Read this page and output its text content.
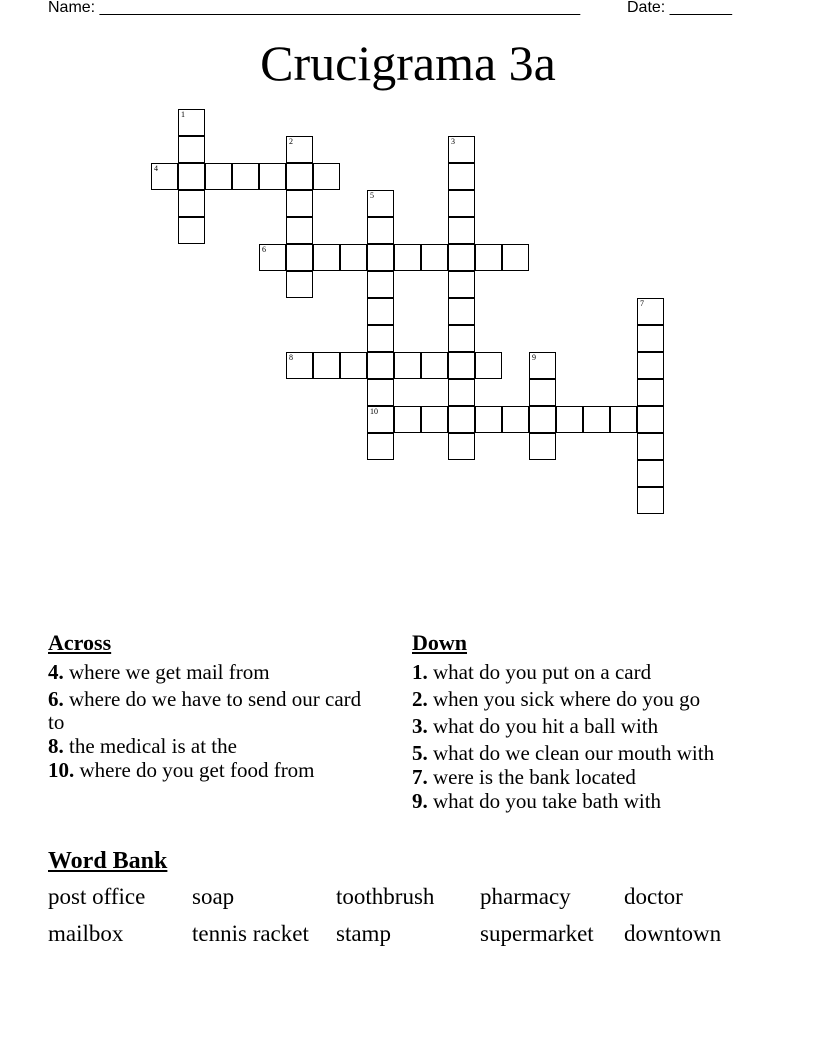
Name: ______________________________________________________	Date: _______
Crucigrama 3a
1
2	3
4
5
10
6
7
8	9
Across
4. where we get mail from
6. where do we have to send our card to
8. the medical is at the
10. where do you get food from
Down
1. what do you put on a card
2. when you sick where do you go
3. what do you hit a ball with
5. what do we clean our mouth with
7. were is the bank located
9. what do you take bath with
Word Bank
post office	soap	toothbrush	pharmacy	doctor
mailbox	tennis racket	stamp	supermarket	downtown
